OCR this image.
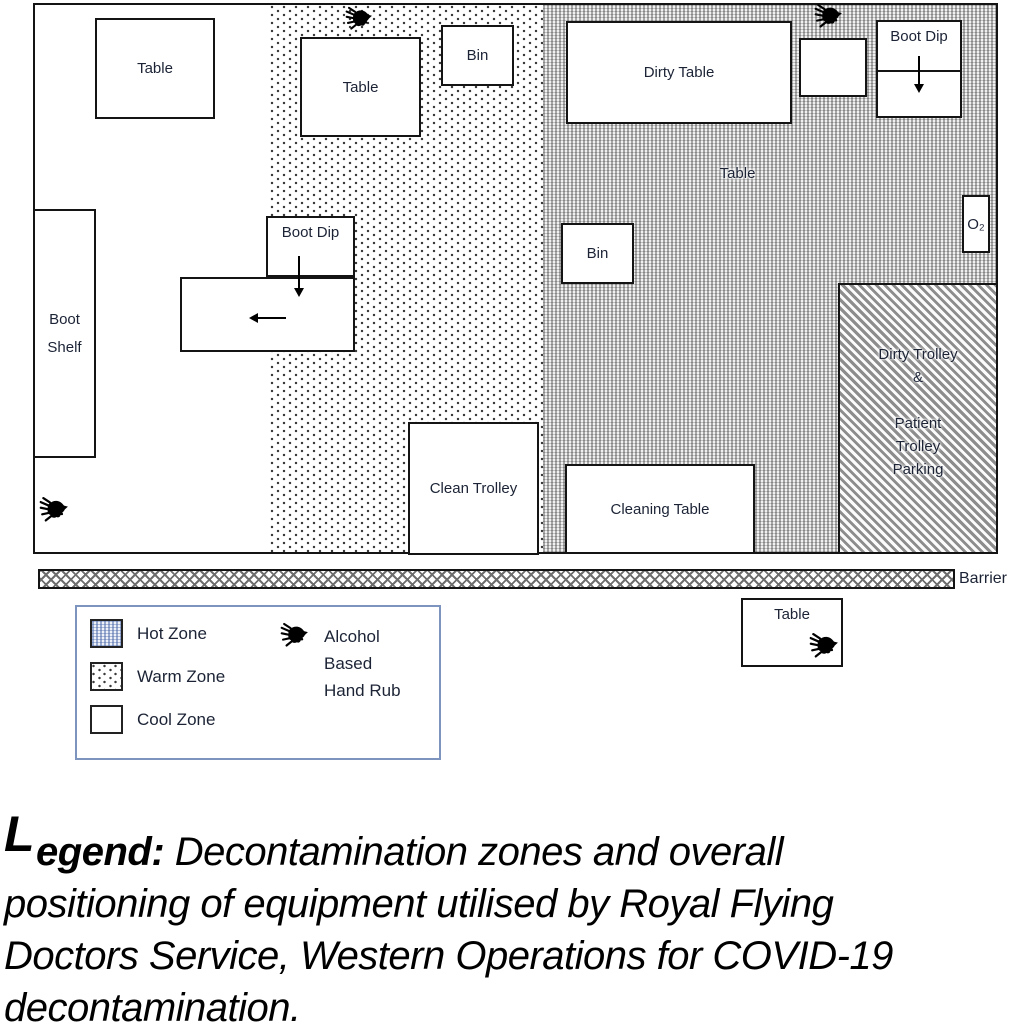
Barrier
Hot Zone
Warm Zone
Cool Zone
Alcohol
Based
Hand Rub
Legend: Decontamination zones and overall
positioning of equipment utilised by Royal Flying
Doctors Service, Western Operations for COVID-19
decontamination.
Table
Boot
Shelf
Table
Bin
Boot Dip
Clean Trolley
Dirty Table
Boot Dip
Bin
O₂
Cleaning Table
Table
Table
Dirty Trolley
&
Patient
Trolley
Parking
